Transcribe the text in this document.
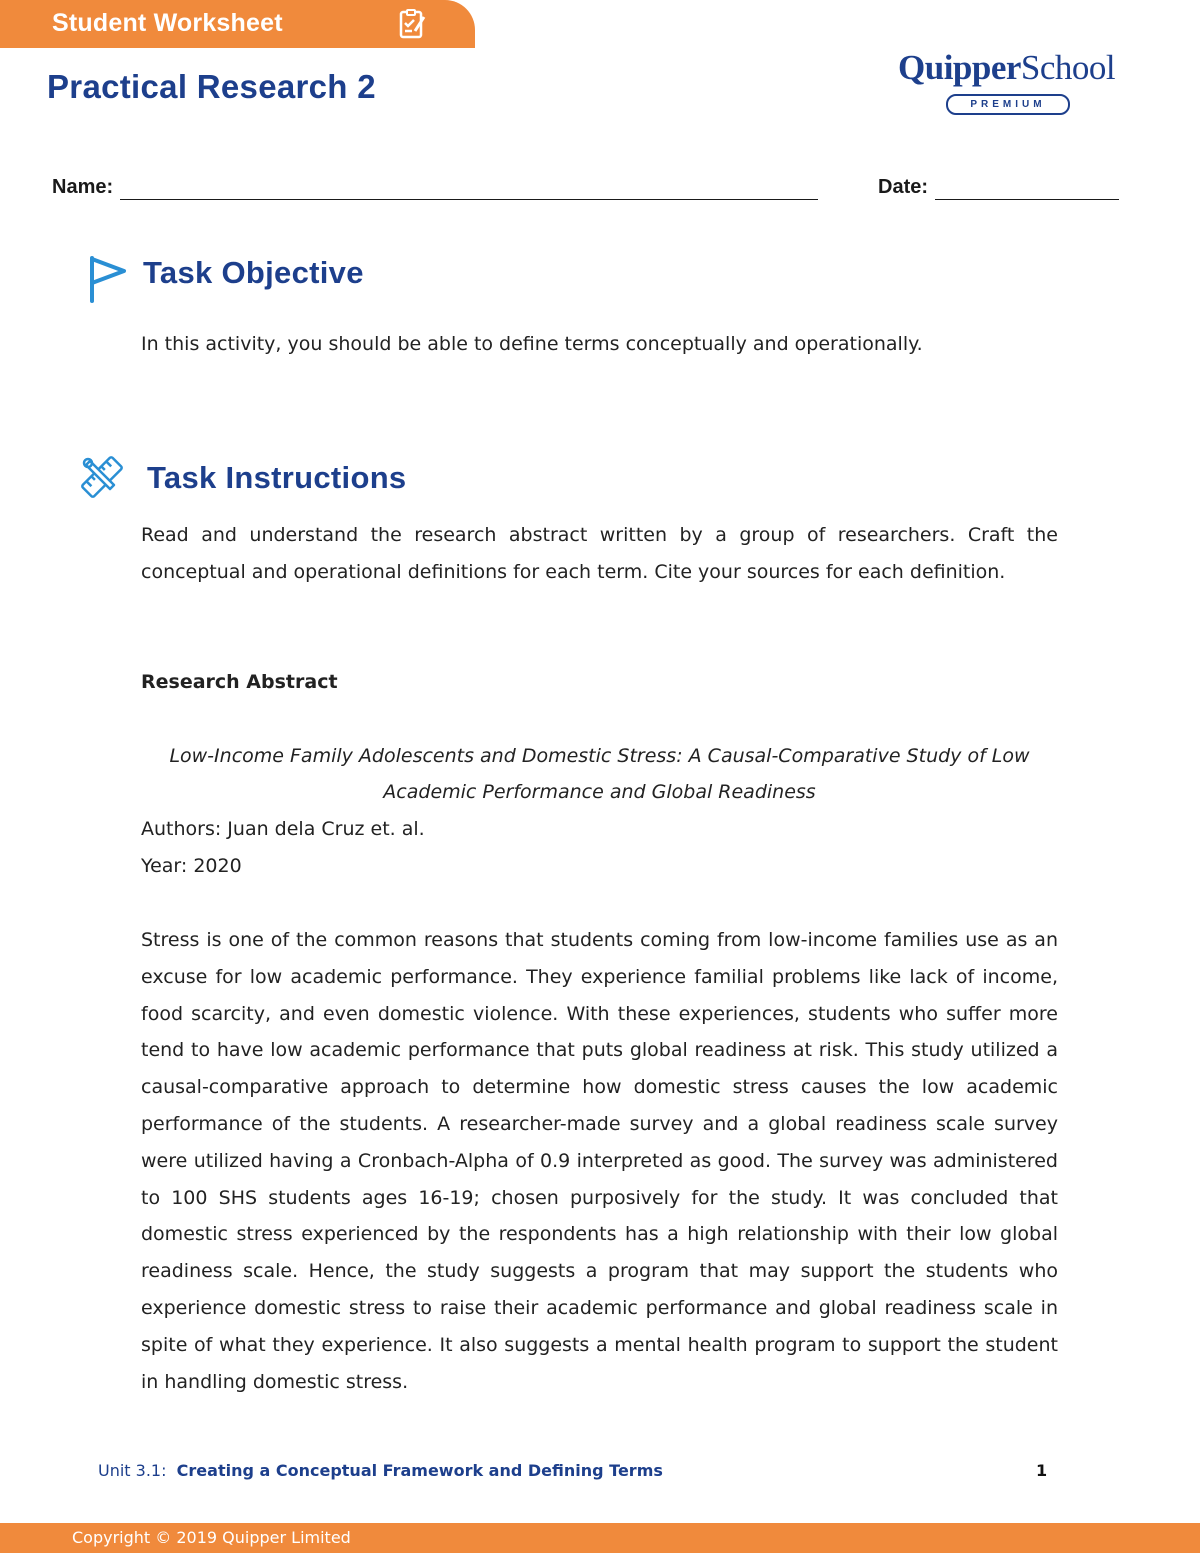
Student Worksheet
Practical Research 2	QuipperSchool
PREMIUM
Name:	Date:
Task Objective
In this activity, you should be able to define terms conceptually and operationally.
Task Instructions
Read and understand the research abstract written by a group of researchers. Craft the conceptual and operational definitions for each term. Cite your sources for each definition.
Research Abstract
Low-Income Family Adolescents and Domestic Stress: A Causal-Comparative Study of Low
Academic Performance and Global Readiness
Authors: Juan dela Cruz et. al.
Year: 2020
Stress is one of the common reasons that students coming from low-income families use as an excuse for low academic performance. They experience familial problems like lack of income, food scarcity, and even domestic violence. With these experiences, students who suffer more tend to have low academic performance that puts global readiness at risk. This study utilized a causal-comparative approach to determine how domestic stress causes the low academic performance of the students. A researcher-made survey and a global readiness scale survey were utilized having a Cronbach-Alpha of 0.9 interpreted as good. The survey was administered to 100 SHS students ages 16-19; chosen purposively for the study. It was concluded that domestic stress experienced by the respondents has a high relationship with their low global readiness scale. Hence, the study suggests a program that may support the students who experience domestic stress to raise their academic performance and global readiness scale in spite of what they experience. It also suggests a mental health program to support the student in handling domestic stress.
Unit 3.1: Creating a Conceptual Framework and Defining Terms	1
Copyright © 2019 Quipper Limited
